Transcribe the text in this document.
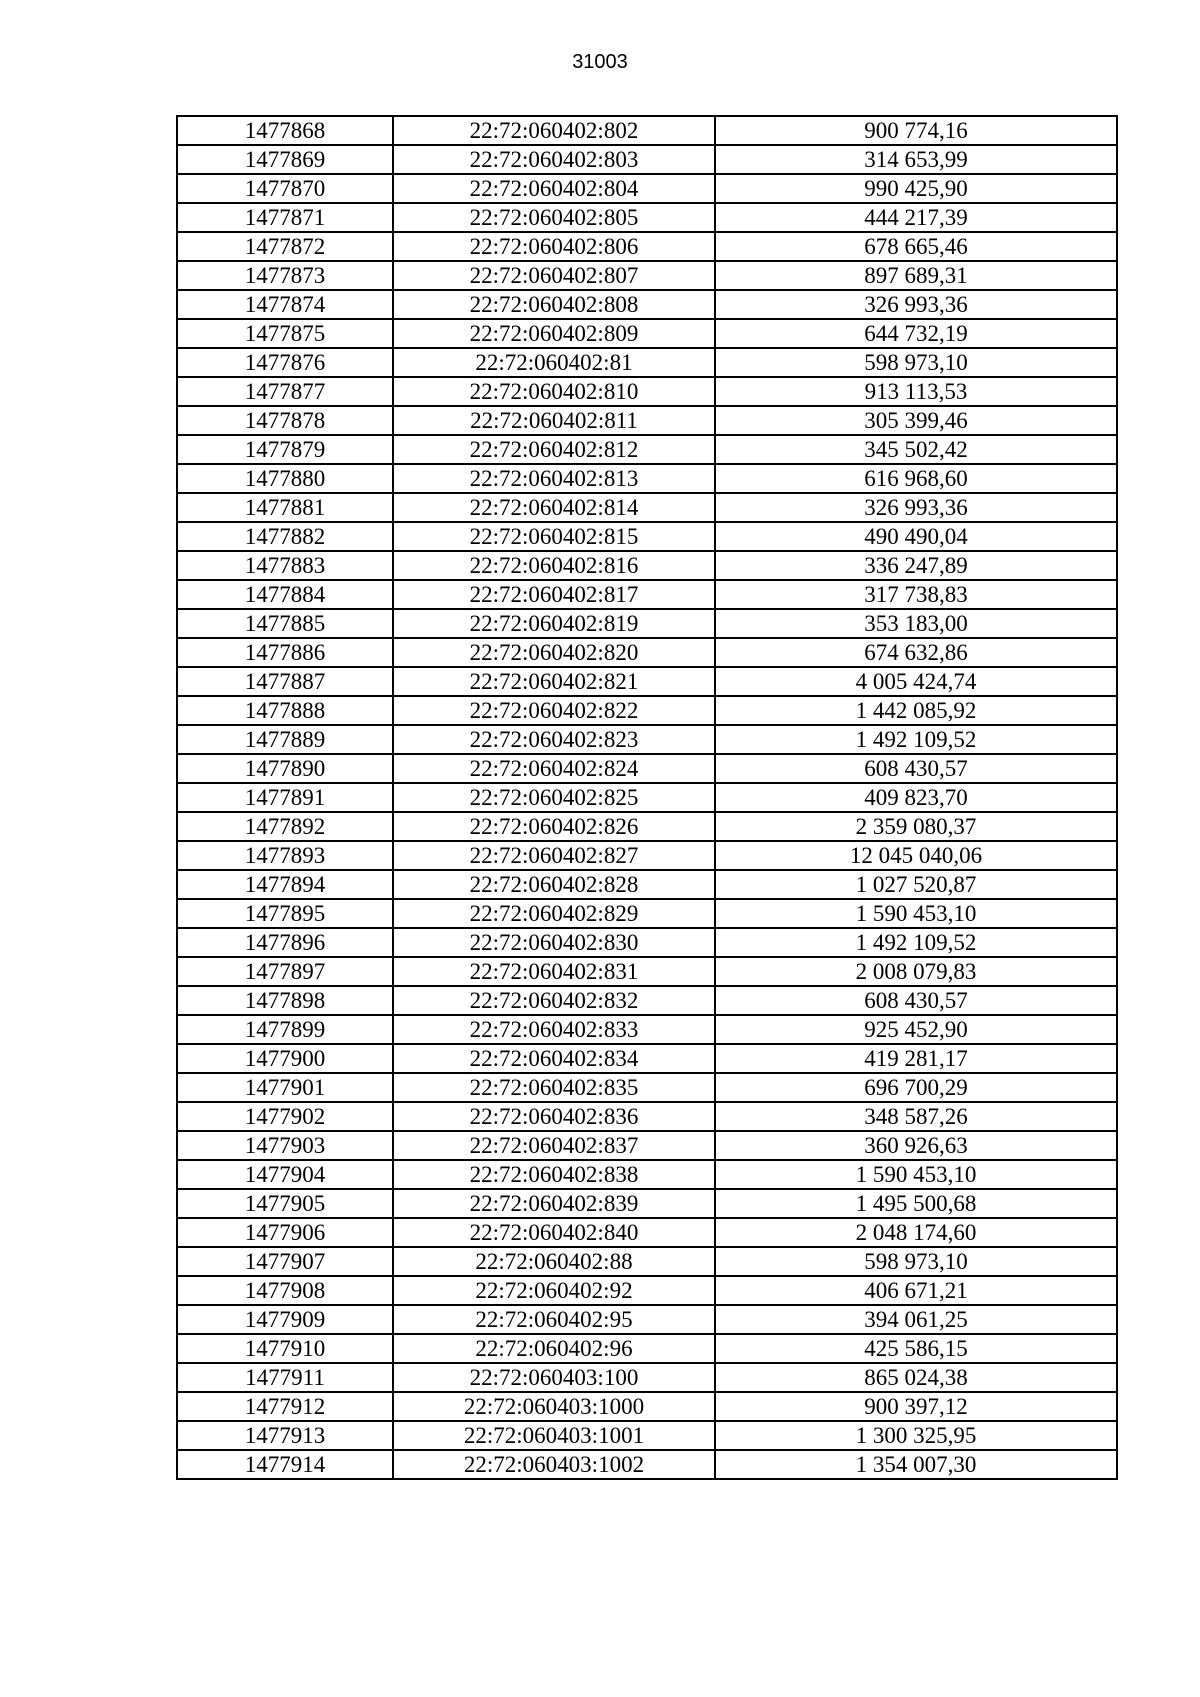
31003
1477868	22:72:060402:802	900 774,16
1477869	22:72:060402:803	314 653,99
1477870	22:72:060402:804	990 425,90
1477871	22:72:060402:805	444 217,39
1477872	22:72:060402:806	678 665,46
1477873	22:72:060402:807	897 689,31
1477874	22:72:060402:808	326 993,36
1477875	22:72:060402:809	644 732,19
1477876	22:72:060402:81	598 973,10
1477877	22:72:060402:810	913 113,53
1477878	22:72:060402:811	305 399,46
1477879	22:72:060402:812	345 502,42
1477880	22:72:060402:813	616 968,60
1477881	22:72:060402:814	326 993,36
1477882	22:72:060402:815	490 490,04
1477883	22:72:060402:816	336 247,89
1477884	22:72:060402:817	317 738,83
1477885	22:72:060402:819	353 183,00
1477886	22:72:060402:820	674 632,86
1477887	22:72:060402:821	4 005 424,74
1477888	22:72:060402:822	1 442 085,92
1477889	22:72:060402:823	1 492 109,52
1477890	22:72:060402:824	608 430,57
1477891	22:72:060402:825	409 823,70
1477892	22:72:060402:826	2 359 080,37
1477893	22:72:060402:827	12 045 040,06
1477894	22:72:060402:828	1 027 520,87
1477895	22:72:060402:829	1 590 453,10
1477896	22:72:060402:830	1 492 109,52
1477897	22:72:060402:831	2 008 079,83
1477898	22:72:060402:832	608 430,57
1477899	22:72:060402:833	925 452,90
1477900	22:72:060402:834	419 281,17
1477901	22:72:060402:835	696 700,29
1477902	22:72:060402:836	348 587,26
1477903	22:72:060402:837	360 926,63
1477904	22:72:060402:838	1 590 453,10
1477905	22:72:060402:839	1 495 500,68
1477906	22:72:060402:840	2 048 174,60
1477907	22:72:060402:88	598 973,10
1477908	22:72:060402:92	406 671,21
1477909	22:72:060402:95	394 061,25
1477910	22:72:060402:96	425 586,15
1477911	22:72:060403:100	865 024,38
1477912	22:72:060403:1000	900 397,12
1477913	22:72:060403:1001	1 300 325,95
1477914	22:72:060403:1002	1 354 007,30
